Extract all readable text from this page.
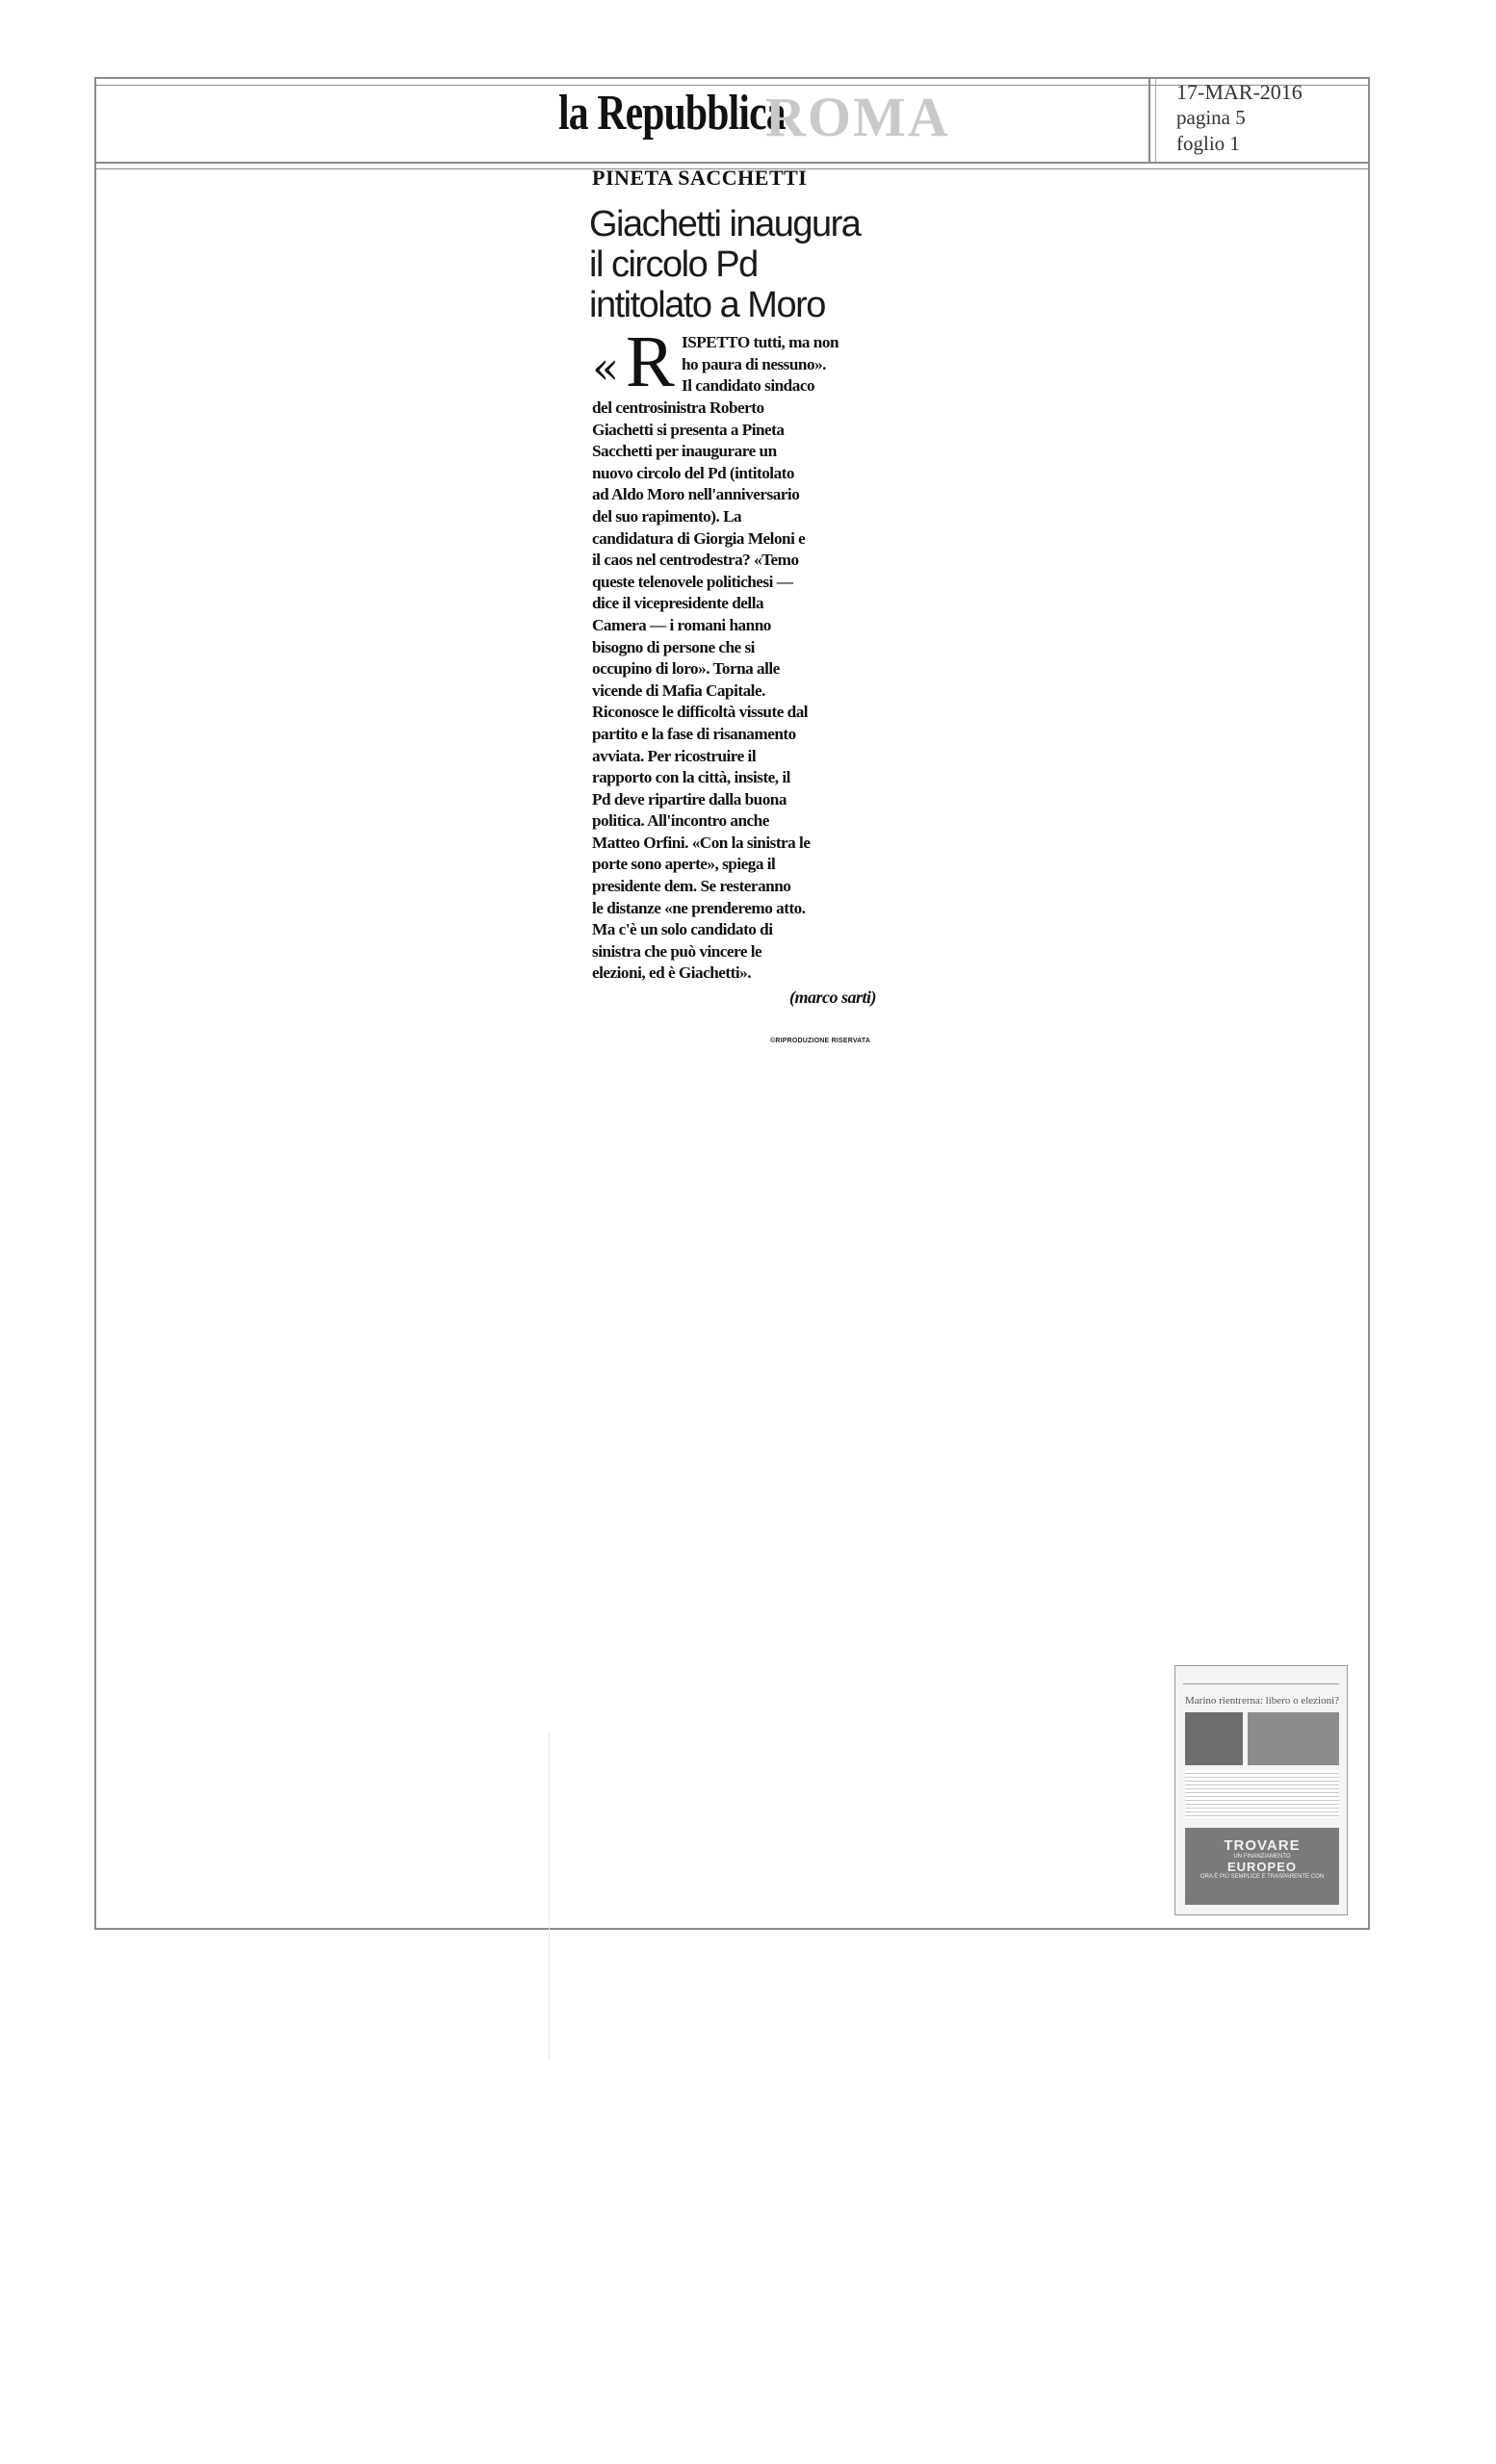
la Repubblica
ROMA	17-MAR-2016
pagina 5
foglio 1
PINETA SACCHETTI
Giachetti inaugura
il circolo Pd
intitolato a Moro
« R ISPETTO tutti, ma non
ho paura di nessuno».
Il candidato sindaco
del centrosinistra Roberto
Giachetti si presenta a Pineta
Sacchetti per inaugurare un
nuovo circolo del Pd (intitolato
ad Aldo Moro nell'anniversario
del suo rapimento). La
candidatura di Giorgia Meloni e
il caos nel centrodestra? «Temo
queste telenovele politichesi —
dice il vicepresidente della
Camera — i romani hanno
bisogno di persone che si
occupino di loro». Torna alle
vicende di Mafia Capitale.
Riconosce le difficoltà vissute dal
partito e la fase di risanamento
avviata. Per ricostruire il
rapporto con la città, insiste, il
Pd deve ripartire dalla buona
politica. All'incontro anche
Matteo Orfini. «Con la sinistra le
porte sono aperte», spiega il
presidente dem. Se resteranno
le distanze «ne prenderemo atto.
Ma c'è un solo candidato di
sinistra che può vincere le
elezioni, ed è Giachetti».
(marco sarti)
©RIPRODUZIONE RISERVATA
Marino rientrerna: libero o elezioni?
TROVARE
UN FINANZIAMENTO
EUROPEO
ORA È PIÙ SEMPLICE E TRASPARENTE CON
